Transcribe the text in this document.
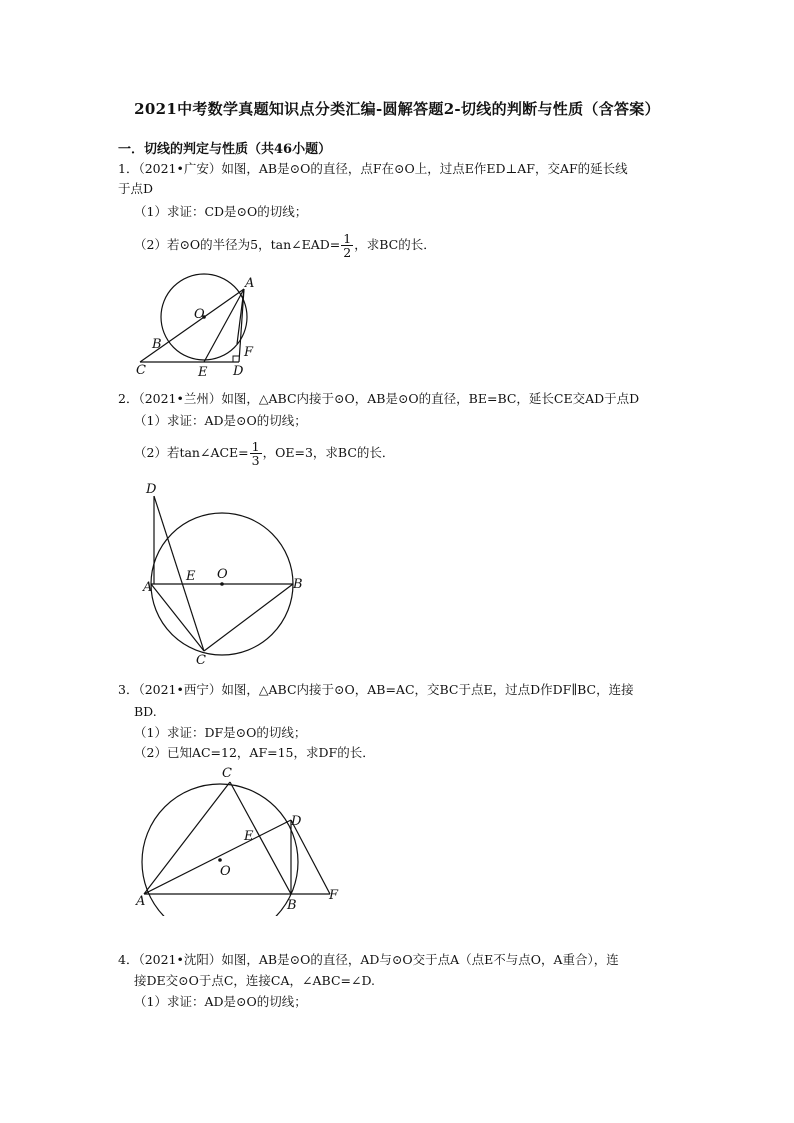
2021中考数学真题知识点分类汇编-圆解答题2-切线的判断与性质（含答案）
一．切线的判定与性质（共46小题）
1．（2021•广安）如图，AB是⊙O的直径，点F在⊙O上，过点E作ED⊥AF，交AF的延长线
于点D
（1）求证：CD是⊙O的切线；
（2）若⊙O的半径为5，tan∠EAD= $\frac{1}{2}$ ，求BC的长．
A
B
C	D
E
F
O
2．（2021•兰州）如图，△ABC内接于⊙O，AB是⊙O的直径，BE=BC，延长CE交AD于点D
（1）求证：AD是⊙O的切线；
（2）若tan∠ACE= $\frac{1}{3}$ ，OE=3，求BC的长．
A	B
C
D
E O
3．（2021•西宁）如图，△ABC内接于⊙O，AB=AC，交BC于点E，过点D作DF∥BC，连接
BD.
（1）求证：DF是⊙O的切线；
（2）已知AC=12，AF=15，求DF的长．
A	B
C
D
E
F
O
4．（2021•沈阳）如图，AB是⊙O的直径，AD与⊙O交于点A（点E不与点O，A重合），连
接DE交⊙O于点C，连接CA，∠ABC=∠D.
（1）求证：AD是⊙O的切线；
